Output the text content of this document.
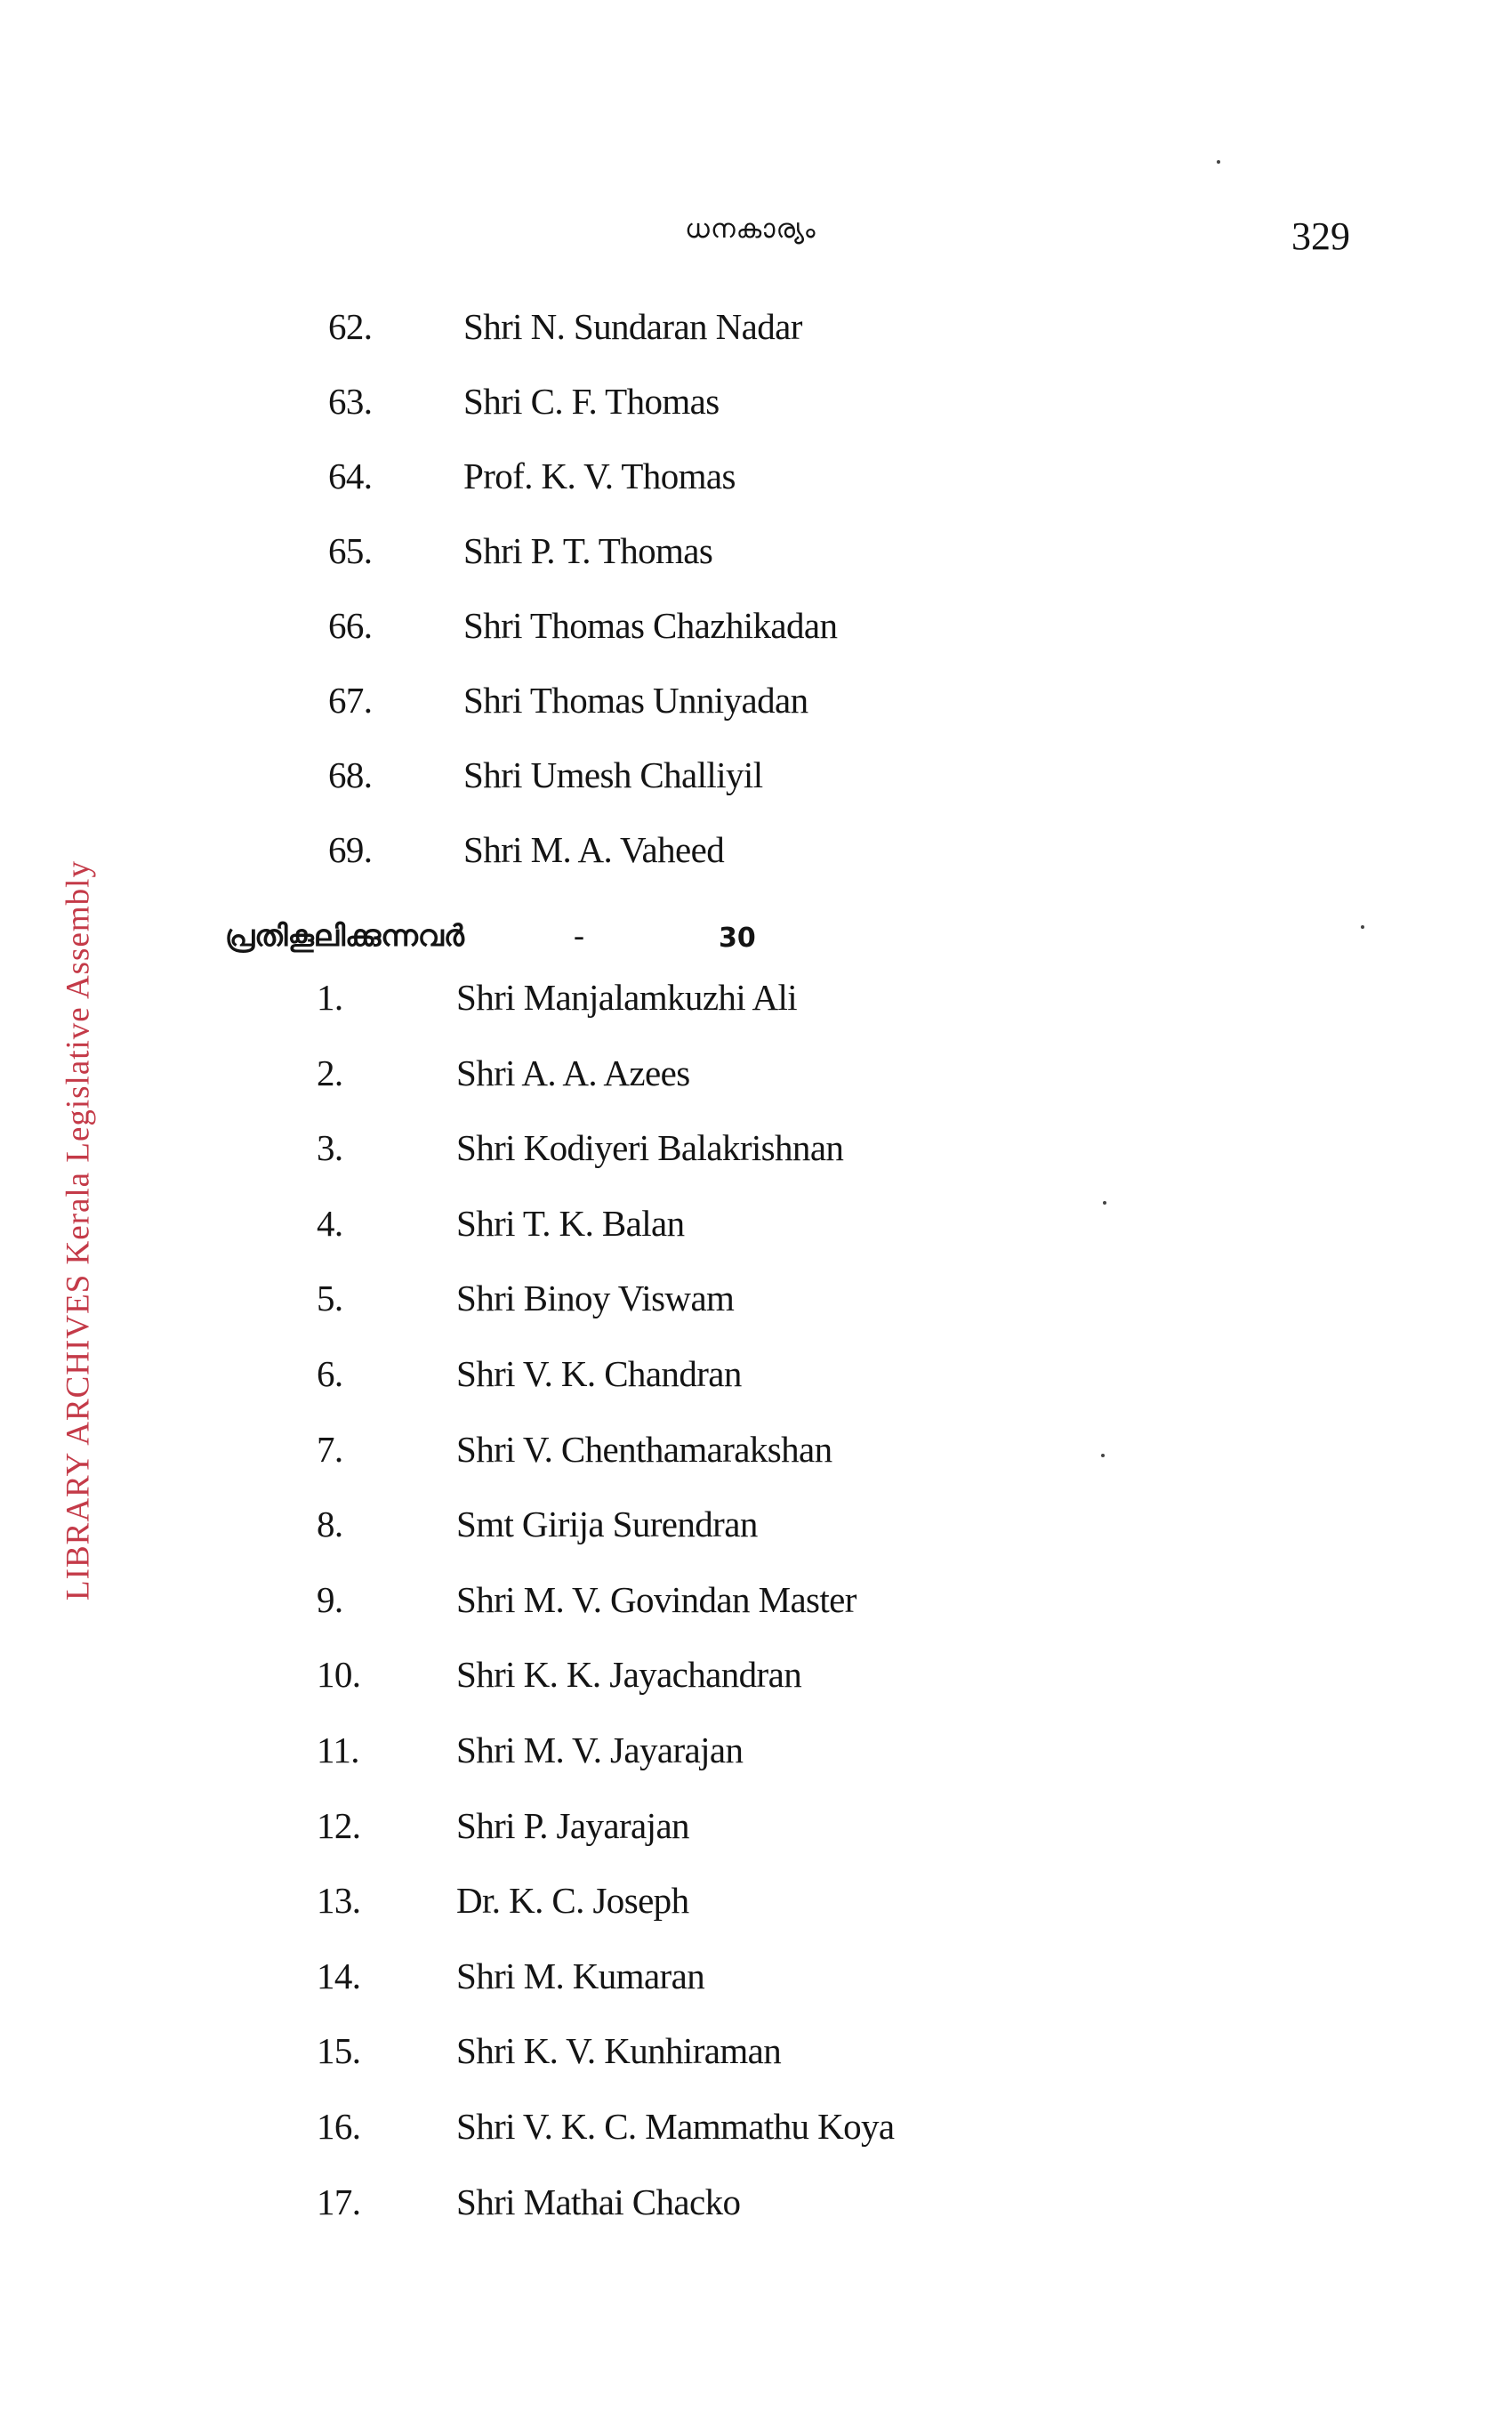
ധനകാര്യം	329
LIBRARY ARCHIVES Kerala Legislative Assembly
62.	Shri N. Sundaran Nadar
63.	Shri C. F. Thomas
64.	Prof. K. V. Thomas
65.	Shri P. T. Thomas
66.	Shri Thomas Chazhikadan
67.	Shri Thomas Unniyadan
68.	Shri Umesh Challiyil
69.	Shri M. A. Vaheed
പ്രതികൂലിക്കുന്നവർ	-	30
1.	Shri Manjalamkuzhi Ali
2.	Shri A. A. Azees
3.	Shri Kodiyeri Balakrishnan
4.	Shri T. K. Balan
5.	Shri Binoy Viswam
6.	Shri V. K. Chandran
7.	Shri V. Chenthamarakshan
8.	Smt Girija Surendran
9.	Shri M. V. Govindan Master
10.	Shri K. K. Jayachandran
11.	Shri M. V. Jayarajan
12.	Shri P. Jayarajan
13.	Dr. K. C. Joseph
14.	Shri M. Kumaran
15.	Shri K. V. Kunhiraman
16.	Shri V. K. C. Mammathu Koya
17.	Shri Mathai Chacko
